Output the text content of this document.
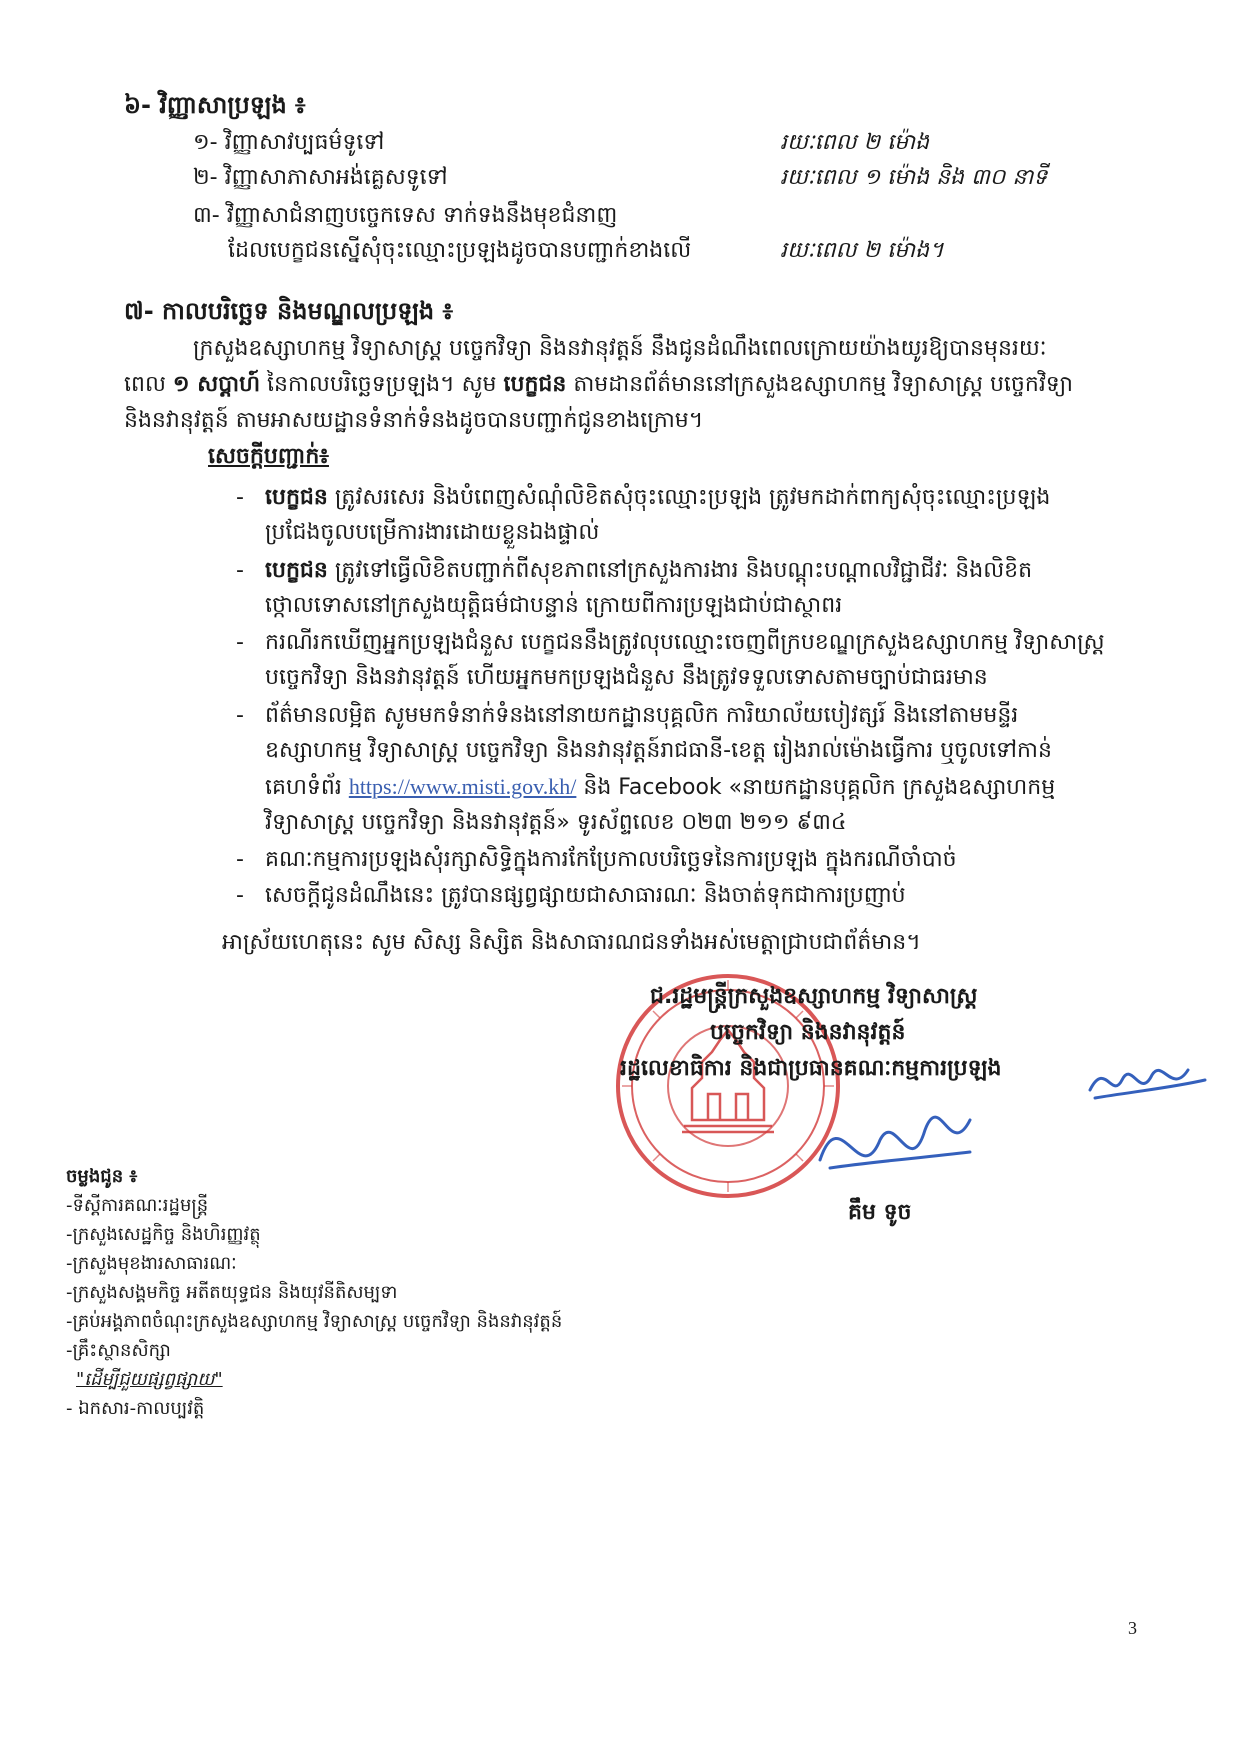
៦- វិញ្ញាសាប្រឡង ៖
១- វិញ្ញាសាវប្បធម៌ទូទៅ	រយៈពេល ២ ម៉ោង
២- វិញ្ញាសាភាសាអង់គ្លេសទូទៅ	រយៈពេល ១ ម៉ោង និង ៣០ នាទី
៣- វិញ្ញាសាជំនាញបច្ចេកទេស ទាក់ទងនឹងមុខជំនាញ
ដែលបេក្ខជនស្នើសុំចុះឈ្មោះប្រឡងដូចបានបញ្ជាក់ខាងលើ	រយៈពេល ២ ម៉ោង។
៧- កាលបរិច្ឆេទ និងមណ្ឌលប្រឡង ៖
ក្រសួងឧស្សាហកម្ម វិទ្យាសាស្ត្រ បច្ចេកវិទ្យា និងនវានុវត្តន៍ នឹងជូនដំណឹងពេលក្រោយយ៉ាងយូរឱ្យបានមុនរយៈ
ពេល ១ សប្តាហ៍ នៃកាលបរិច្ឆេទប្រឡង។ សូម បេក្ខជន តាមដានព័ត៌មាននៅក្រសួងឧស្សាហកម្ម វិទ្យាសាស្ត្រ បច្ចេកវិទ្យា
និងនវានុវត្តន៍ តាមអាសយដ្ឋានទំនាក់ទំនងដូចបានបញ្ជាក់ជូនខាងក្រោម។
សេចក្តីបញ្ជាក់៖
- បេក្ខជន ត្រូវសរសេរ និងបំពេញសំណុំលិខិតសុំចុះឈ្មោះប្រឡង ត្រូវមកដាក់ពាក្យសុំចុះឈ្មោះប្រឡង
ប្រជែងចូលបម្រើការងារដោយខ្លួនឯងផ្ទាល់
- បេក្ខជន ត្រូវទៅធ្វើលិខិតបញ្ជាក់ពីសុខភាពនៅក្រសួងការងារ និងបណ្តុះបណ្តាលវិជ្ជាជីវៈ និងលិខិត
ថ្កោលទោសនៅក្រសួងយុត្តិធម៌ជាបន្ទាន់ ក្រោយពីការប្រឡងជាប់ជាស្ថាពរ
- ករណីរកឃើញអ្នកប្រឡងជំនួស បេក្ខជននឹងត្រូវលុបឈ្មោះចេញពីក្របខណ្ឌក្រសួងឧស្សាហកម្ម វិទ្យាសាស្ត្រ
បច្ចេកវិទ្យា និងនវានុវត្តន៍ ហើយអ្នកមកប្រឡងជំនួស នឹងត្រូវទទួលទោសតាមច្បាប់ជាធរមាន
- ព័ត៌មានលម្អិត សូមមកទំនាក់ទំនងនៅនាយកដ្ឋានបុគ្គលិក ការិយាល័យបៀវត្សរ៍ និងនៅតាមមន្ទីរ
ឧស្សាហកម្ម វិទ្យាសាស្ត្រ បច្ចេកវិទ្យា និងនវានុវត្តន៍រាជធានី-ខេត្ត រៀងរាល់ម៉ោងធ្វើការ ឬចូលទៅកាន់
គេហទំព័រ https://www.misti.gov.kh/ និង Facebook «នាយកដ្ឋានបុគ្គលិក ក្រសួងឧស្សាហកម្ម
វិទ្យាសាស្ត្រ បច្ចេកវិទ្យា និងនវានុវត្តន៍» ទូរស័ព្ទលេខ ០២៣ ២១១ ៩៣៤
- គណៈកម្មការប្រឡងសុំរក្សាសិទ្ធិក្នុងការកែប្រែកាលបរិច្ឆេទនៃការប្រឡង ក្នុងករណីចាំបាច់
- សេចក្តីជូនដំណឹងនេះ ត្រូវបានផ្សព្វផ្សាយជាសាធារណៈ និងចាត់ទុកជាការប្រញាប់
អាស្រ័យហេតុនេះ សូម សិស្ស និស្សិត និងសាធារណជនទាំងអស់មេត្តាជ្រាបជាព័ត៌មាន។
ជ.រដ្ឋមន្ត្រីក្រសួងឧស្សាហកម្ម វិទ្យាសាស្ត្រ
បច្ចេកវិទ្យា និងនវានុវត្តន៍
រដ្ឋលេខាធិការ និងជាប្រធានគណៈកម្មការប្រឡង
គឹម ទូច
ចម្លងជូន ៖
-ទីស្តីការគណៈរដ្ឋមន្ត្រី
-ក្រសួងសេដ្ឋកិច្ច និងហិរញ្ញវត្ថុ
-ក្រសួងមុខងារសាធារណៈ
-ក្រសួងសង្គមកិច្ច អតីតយុទ្ធជន និងយុវនីតិសម្បទា
-គ្រប់អង្គភាពចំណុះក្រសួងឧស្សាហកម្ម វិទ្យាសាស្ត្រ បច្ចេកវិទ្យា និងនវានុវត្តន៍
-គ្រឹះស្ថានសិក្សា
"ដើម្បីជួយផ្សព្វផ្សាយ"
- ឯកសារ-កាលប្បវត្តិ
3
